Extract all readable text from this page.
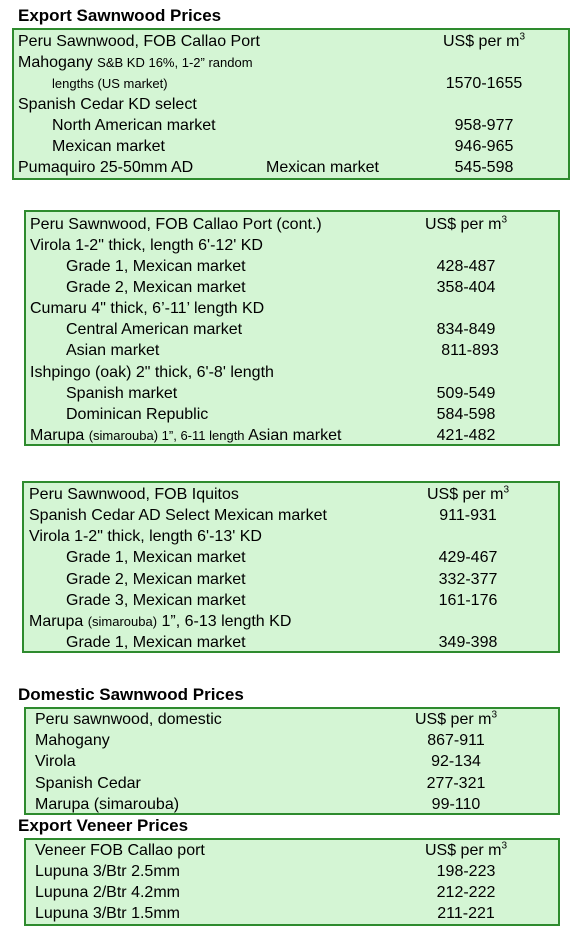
Export Sawnwood Prices
Peru Sawnwood, FOB Callao Port	US$ per $m^3$
Mahogany S&B KD 16%, 1-2” random
lengths (US market)	1570-1655
Spanish Cedar KD select
North American market	958-977
Mexican market	946-965
Pumaquiro 25-50mm AD	Mexican market	545-598
Peru Sawnwood, FOB Callao Port (cont.)	US$ per $m^3$
Virola 1-2" thick, length 6'-12' KD
Grade 1, Mexican market	428-487
Grade 2, Mexican market	358-404
Cumaru 4" thick, 6’-11’ length KD
Central American market	834-849
Asian market	811-893
Ishpingo (oak) 2" thick, 6'-8' length
Spanish market	509-549
Dominican Republic	584-598
Marupa (simarouba) 1”, 6-11 length Asian market	421-482
Peru Sawnwood, FOB Iquitos	US$ per $m^3$
Spanish Cedar AD Select Mexican market	911-931
Virola 1-2" thick, length 6'-13' KD
Grade 1, Mexican market	429-467
Grade 2, Mexican market	332-377
Grade 3, Mexican market	161-176
Marupa (simarouba) 1”, 6-13 length KD
Grade 1, Mexican market	349-398
Domestic Sawnwood Prices
Peru sawnwood, domestic	US$ per $m^3$
Mahogany	867-911
Virola	92-134
Spanish Cedar	277-321
Marupa (simarouba)	99-110
Export Veneer Prices
Veneer FOB Callao port	US$ per $m^3$
Lupuna 3/Btr 2.5mm	198-223
Lupuna 2/Btr 4.2mm	212-222
Lupuna 3/Btr 1.5mm	211-221
